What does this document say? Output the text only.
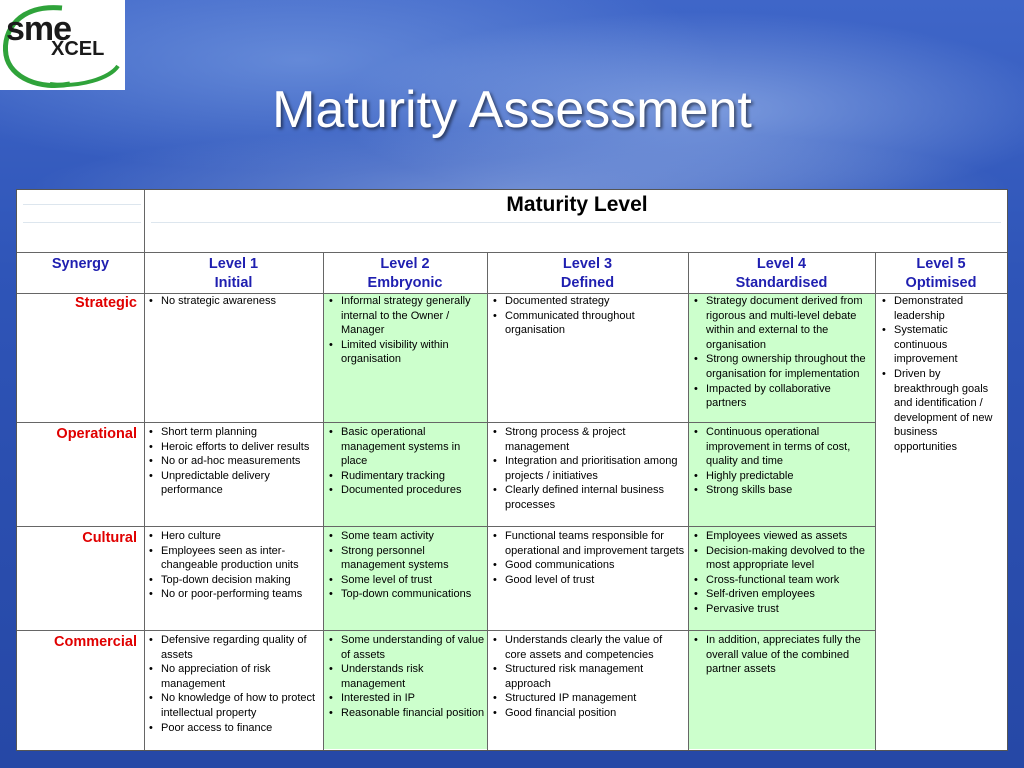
sme
XCEL
Maturity Assessment
Maturity Level
Synergy	Level 1
Initial
Level 2
Embryonic
Level 3
Defined
Level 4
Standardised
Level 5
Optimised
Strategic
Operational
Cultural
Commercial
• No strategic awareness
•	Informal strategy generally internal to the Owner / Manager
• Limited visibility within organisation
• Documented strategy
• Communicated throughout organisation
• Strategy document derived from rigorous and multi-level debate within and external to the organisation
• Strong ownership throughout the organisation for implementation
• Impacted by collaborative partners
• Short term planning
• Heroic efforts to deliver results
• No or ad-hoc measurements
• Unpredictable delivery performance
• Basic operational management systems in place
• Rudimentary tracking
• Documented procedures
• Strong process & project management
• Integration and prioritisation among projects / initiatives
• Clearly defined internal business processes
• Continuous operational improvement in terms of cost, quality and time
• Highly predictable
• Strong skills base
• Hero culture
• Employees seen as inter-changeable production units
• Top-down decision making
• No or poor-performing teams
• Some team activity
• Strong personnel management systems
• Some level of trust
• Top-down communications
• Functional teams responsible for operational and improvement targets
• Good communications
• Good level of trust
• Employees viewed as assets
• Decision-making devolved to the most appropriate level
• Cross-functional team work
• Self-driven employees
• Pervasive trust
• Defensive regarding quality of assets
• No appreciation of risk management
• No knowledge of how to protect intellectual property
• Poor access to finance
• Some understanding of value of assets
• Understands risk management
• Interested in IP
• Reasonable financial position
• Understands clearly the value of core assets and competencies
• Structured risk management approach
• Structured IP management
• Good financial position
• In addition, appreciates fully the overall value of the combined partner assets
• Demonstrated leadership
• Systematic continuous improvement
• Driven by breakthrough goals and identification / development of new business opportunities
